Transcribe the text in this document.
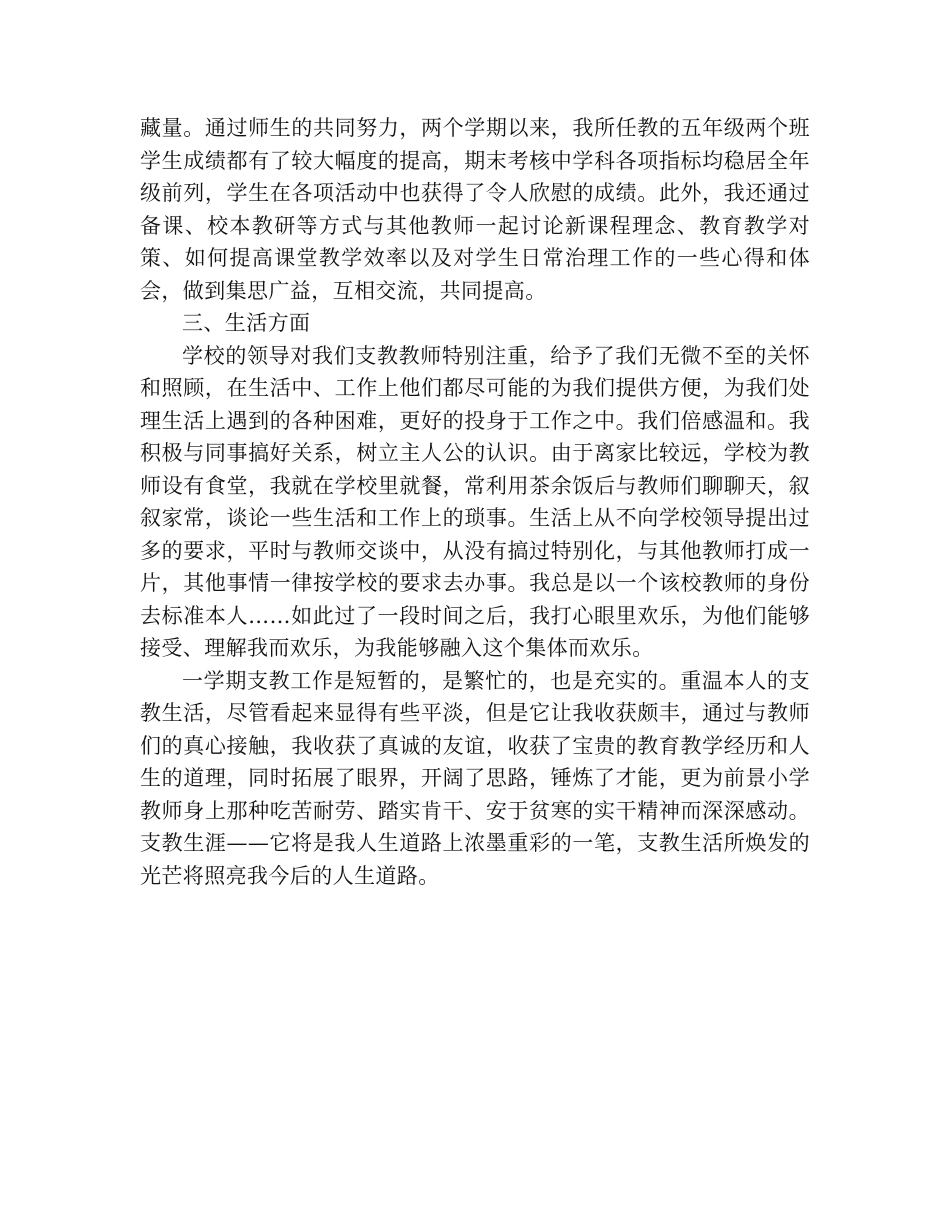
藏量。通过师生的共同努力，两个学期以来，我所任教的五年级两个班学生成绩都有了较大幅度的提高，期末考核中学科各项指标均稳居全年级前列，学生在各项活动中也获得了令人欣慰的成绩。此外，我还通过备课、校本教研等方式与其他教师一起讨论新课程理念、教育教学对策、如何提高课堂教学效率以及对学生日常治理工作的一些心得和体会，做到集思广益，互相交流，共同提高。

三、生活方面

学校的领导对我们支教教师特别注重，给予了我们无微不至的关怀和照顾，在生活中、工作上他们都尽可能的为我们提供方便，为我们处理生活上遇到的各种困难，更好的投身于工作之中。我们倍感温和。我积极与同事搞好关系，树立主人公的认识。由于离家比较远，学校为教师设有食堂，我就在学校里就餐，常利用茶余饭后与教师们聊聊天，叙叙家常，谈论一些生活和工作上的琐事。生活上从不向学校领导提出过多的要求，平时与教师交谈中，从没有搞过特别化，与其他教师打成一片，其他事情一律按学校的要求去办事。我总是以一个该校教师的身份去标准本人……如此过了一段时间之后，我打心眼里欢乐，为他们能够接受、理解我而欢乐，为我能够融入这个集体而欢乐。

一学期支教工作是短暂的，是繁忙的，也是充实的。重温本人的支教生活，尽管看起来显得有些平淡，但是它让我收获颇丰，通过与教师们的真心接触，我收获了真诚的友谊，收获了宝贵的教育教学经历和人生的道理，同时拓展了眼界，开阔了思路，锤炼了才能，更为前景小学教师身上那种吃苦耐劳、踏实肯干、安于贫寒的实干精神而深深感动。支教生涯——它将是我人生道路上浓墨重彩的一笔，支教生活所焕发的光芒将照亮我今后的人生道路。
